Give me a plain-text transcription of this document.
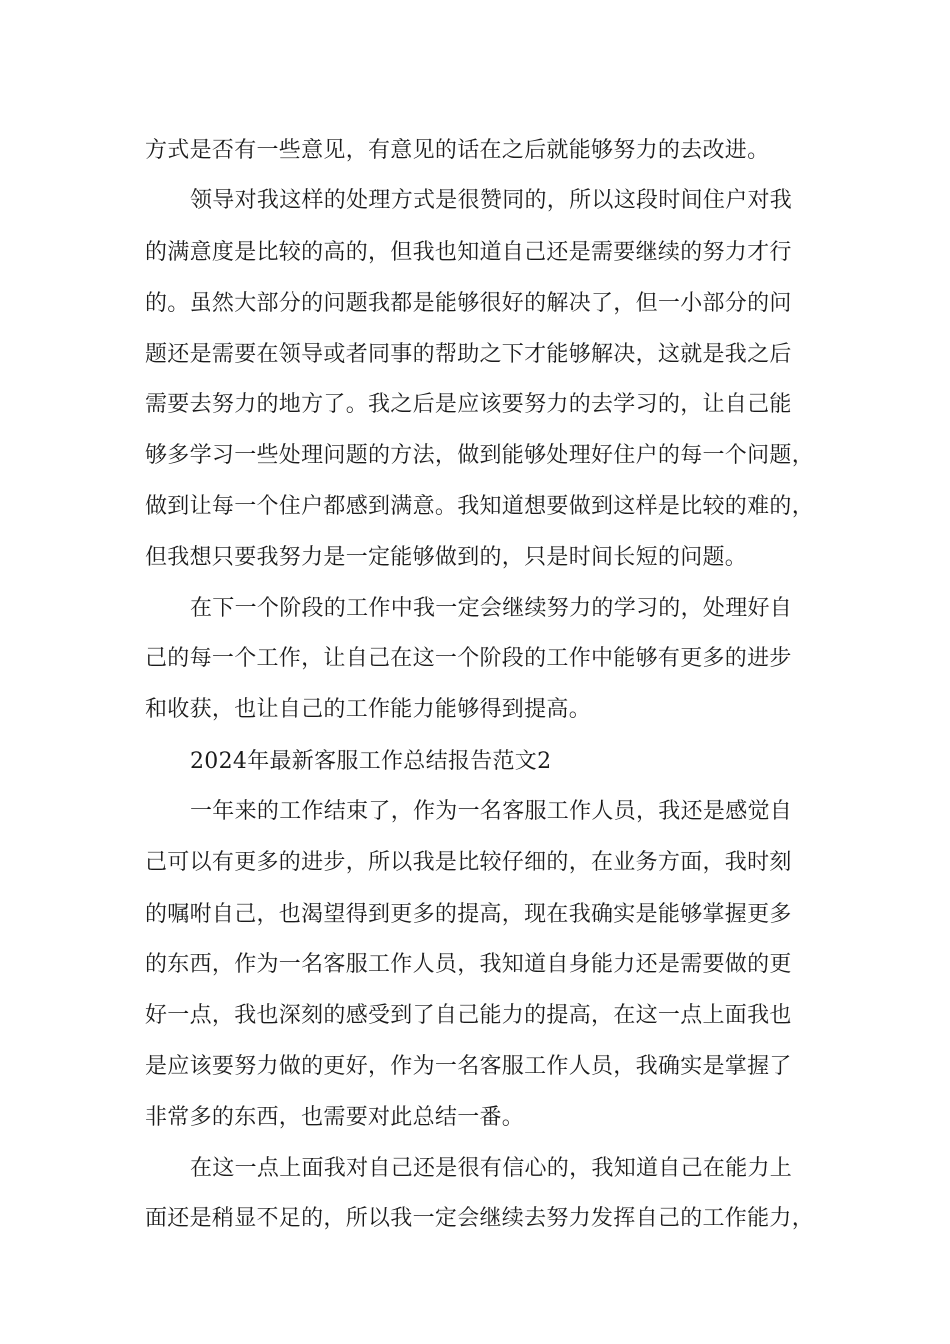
方式是否有一些意见，有意见的话在之后就能够努力的去改进。
领导对我这样的处理方式是很赞同的，所以这段时间住户对我
的满意度是比较的高的，但我也知道自己还是需要继续的努力才行
的。虽然大部分的问题我都是能够很好的解决了，但一小部分的问
题还是需要在领导或者同事的帮助之下才能够解决，这就是我之后
需要去努力的地方了。我之后是应该要努力的去学习的，让自己能
够多学习一些处理问题的方法，做到能够处理好住户的每一个问题，
做到让每一个住户都感到满意。我知道想要做到这样是比较的难的，
但我想只要我努力是一定能够做到的，只是时间长短的问题。
在下一个阶段的工作中我一定会继续努力的学习的，处理好自
己的每一个工作，让自己在这一个阶段的工作中能够有更多的进步
和收获，也让自己的工作能力能够得到提高。
2024年最新客服工作总结报告范文2
一年来的工作结束了，作为一名客服工作人员，我还是感觉自
己可以有更多的进步，所以我是比较仔细的，在业务方面，我时刻
的嘱咐自己，也渴望得到更多的提高，现在我确实是能够掌握更多
的东西，作为一名客服工作人员，我知道自身能力还是需要做的更
好一点，我也深刻的感受到了自己能力的提高，在这一点上面我也
是应该要努力做的更好，作为一名客服工作人员，我确实是掌握了
非常多的东西，也需要对此总结一番。
在这一点上面我对自己还是很有信心的，我知道自己在能力上
面还是稍显不足的，所以我一定会继续去努力发挥自己的工作能力，
